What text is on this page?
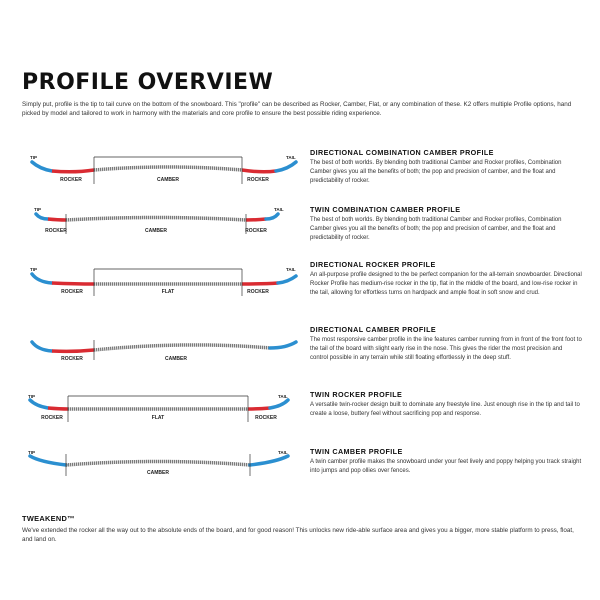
PROFILE OVERVIEW

Simply put, profile is the tip to tail curve on the bottom of the snowboard. This "profile" can be described as Rocker, Camber, Flat, or any combination of these. K2 offers multiple Profile options, hand picked by model and tailored to work in harmony with the materials and core profile to ensure the best possible riding experience.

TIP	TAIL
ROCKER	CAMBER	ROCKER
DIRECTIONAL COMBINATION CAMBER PROFILE

The best of both worlds. By blending both traditional Camber and Rocker profiles, Combination Camber gives you all the benefits of both; the pop and precision of camber, and the float and predictability of rocker.

TIP	TAIL
ROCKER	CAMBER	ROCKER
TWIN COMBINATION CAMBER PROFILE

The best of both worlds. By blending both traditional Camber and Rocker profiles, Combination Camber gives you all the benefits of both; the pop and precision of camber, and the float and predictability of rocker.

TIP	TAIL
ROCKER	FLAT	ROCKER
DIRECTIONAL ROCKER PROFILE

An all-purpose profile designed to the be perfect companion for the all-terrain snowboarder. Directional Rocker Profile has medium-rise rocker in the tip, flat in the middle of the board, and low-rise rocker in the tail, allowing for effortless turns on hardpack and ample float in soft snow and crud.

ROCKER	CAMBER
DIRECTIONAL CAMBER PROFILE

The most responsive camber profile in the line features camber running from in front of the front foot to the tail of the board with slight early rise in the nose. This gives the rider the most precision and control possible in any terrain while still floating effortlessly in the deep stuff.

TIP	TAIL
ROCKER	FLAT	ROCKER
TWIN ROCKER PROFILE

A versatile twin-rocker design built to dominate any freestyle line. Just enough rise in the tip and tail to create a loose, buttery feel without sacrificing pop and response.

TIP	TAIL
CAMBER
TWIN CAMBER PROFILE

A twin camber profile makes the snowboard under your feet lively and poppy helping you track straight into jumps and pop ollies over fences.

TWEAKEND™

We've extended the rocker all the way out to the absolute ends of the board, and for good reason! This unlocks new ride-able surface area and gives you a bigger, more stable platform to press, float, and land on.
